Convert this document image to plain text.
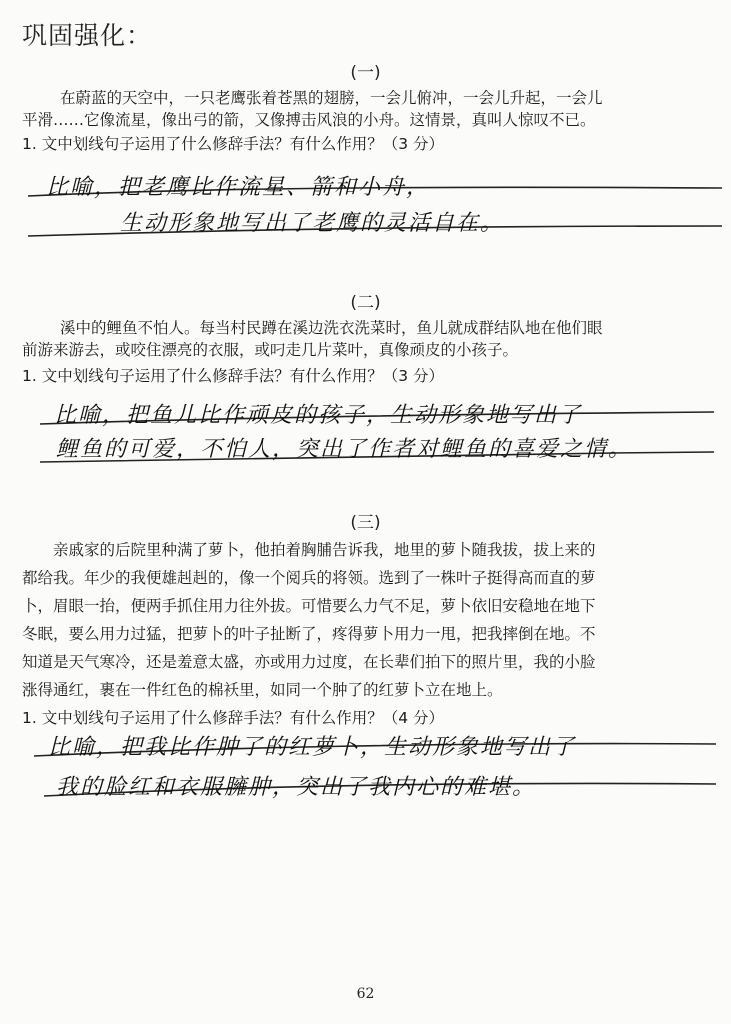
巩固强化：
(一)
在蔚蓝的天空中，一只老鹰张着苍黑的翅膀，一会儿俯冲，一会儿升起，一会儿
平滑……它像流星，像出弓的箭，又像搏击风浪的小舟。这情景，真叫人惊叹不已。
1. 文中划线句子运用了什么修辞手法？有什么作用？（3 分）
比喻，把老鹰比作流星、箭和小舟，
生动形象地写出了老鹰的灵活自在。
(二)
溪中的鲤鱼不怕人。每当村民蹲在溪边洗衣洗菜时，鱼儿就成群结队地在他们眼
前游来游去，或咬住漂亮的衣服，或叼走几片菜叶，真像顽皮的小孩子。
1. 文中划线句子运用了什么修辞手法？有什么作用？（3 分）
比喻，把鱼儿比作顽皮的孩子，生动形象地写出了
鲤鱼的可爱，不怕人，突出了作者对鲤鱼的喜爱之情。
(三)
　　亲戚家的后院里种满了萝卜，他拍着胸脯告诉我，地里的萝卜随我拔，拔上来的
都给我。年少的我便雄赳赳的，像一个阅兵的将领。选到了一株叶子挺得高而直的萝
卜，眉眼一抬，便两手抓住用力往外拔。可惜要么力气不足，萝卜依旧安稳地在地下
冬眠，要么用力过猛，把萝卜的叶子扯断了，疼得萝卜用力一甩，把我摔倒在地。不
知道是天气寒冷，还是羞意太盛，亦或用力过度，在长辈们拍下的照片里，我的小脸
涨得通红，裹在一件红色的棉袄里，如同一个肿了的红萝卜立在地上。
1. 文中划线句子运用了什么修辞手法？有什么作用？（4 分）
比喻，把我比作肿了的红萝卜，生动形象地写出了
我的脸红和衣服臃肿，突出了我内心的难堪。
62
